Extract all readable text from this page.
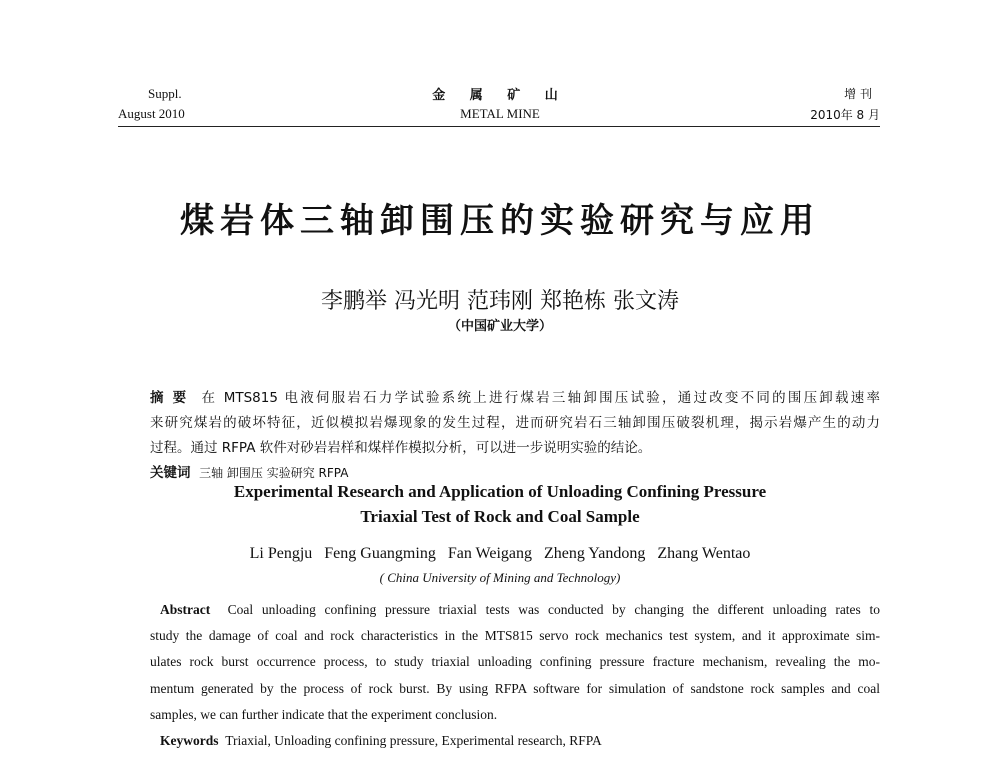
Suppl.
August 2010
金 属 矿 山
METAL MINE
增 刊
2010年 8 月
煤岩体三轴卸围压的实验研究与应用
李鹏举 冯光明 范玮刚 郑艳栋 张文涛
（中国矿业大学）
摘 要 在 MTS815 电液伺服岩石力学试验系统上进行煤岩三轴卸围压试验，通过改变不同的围压卸载速率
来研究煤岩的破坏特征，近似模拟岩爆现象的发生过程，进而研究岩石三轴卸围压破裂机理，揭示岩爆产生的动力
过程。通过 RFPA 软件对砂岩岩样和煤样作模拟分析，可以进一步说明实验的结论。
关键词 三轴 卸围压 实验研究 RFPA
Experimental Research and Application of Unloading Confining Pressure
Triaxial Test of Rock and Coal Sample
Li Pengju   Feng Guangming   Fan Weigang   Zheng Yandong   Zhang Wentao
( China University of Mining and Technology)
Abstract Coal unloading confining pressure triaxial tests was conducted by changing the different unloading rates to
study the damage of coal and rock characteristics in the MTS815 servo rock mechanics test system, and it approximate sim-
ulates rock burst occurrence process, to study triaxial unloading confining pressure fracture mechanism, revealing the mo-
mentum generated by the process of rock burst. By using RFPA software for simulation of sandstone rock samples and coal
samples, we can further indicate that the experiment conclusion.
Keywords Triaxial, Unloading confining pressure, Experimental research, RFPA
